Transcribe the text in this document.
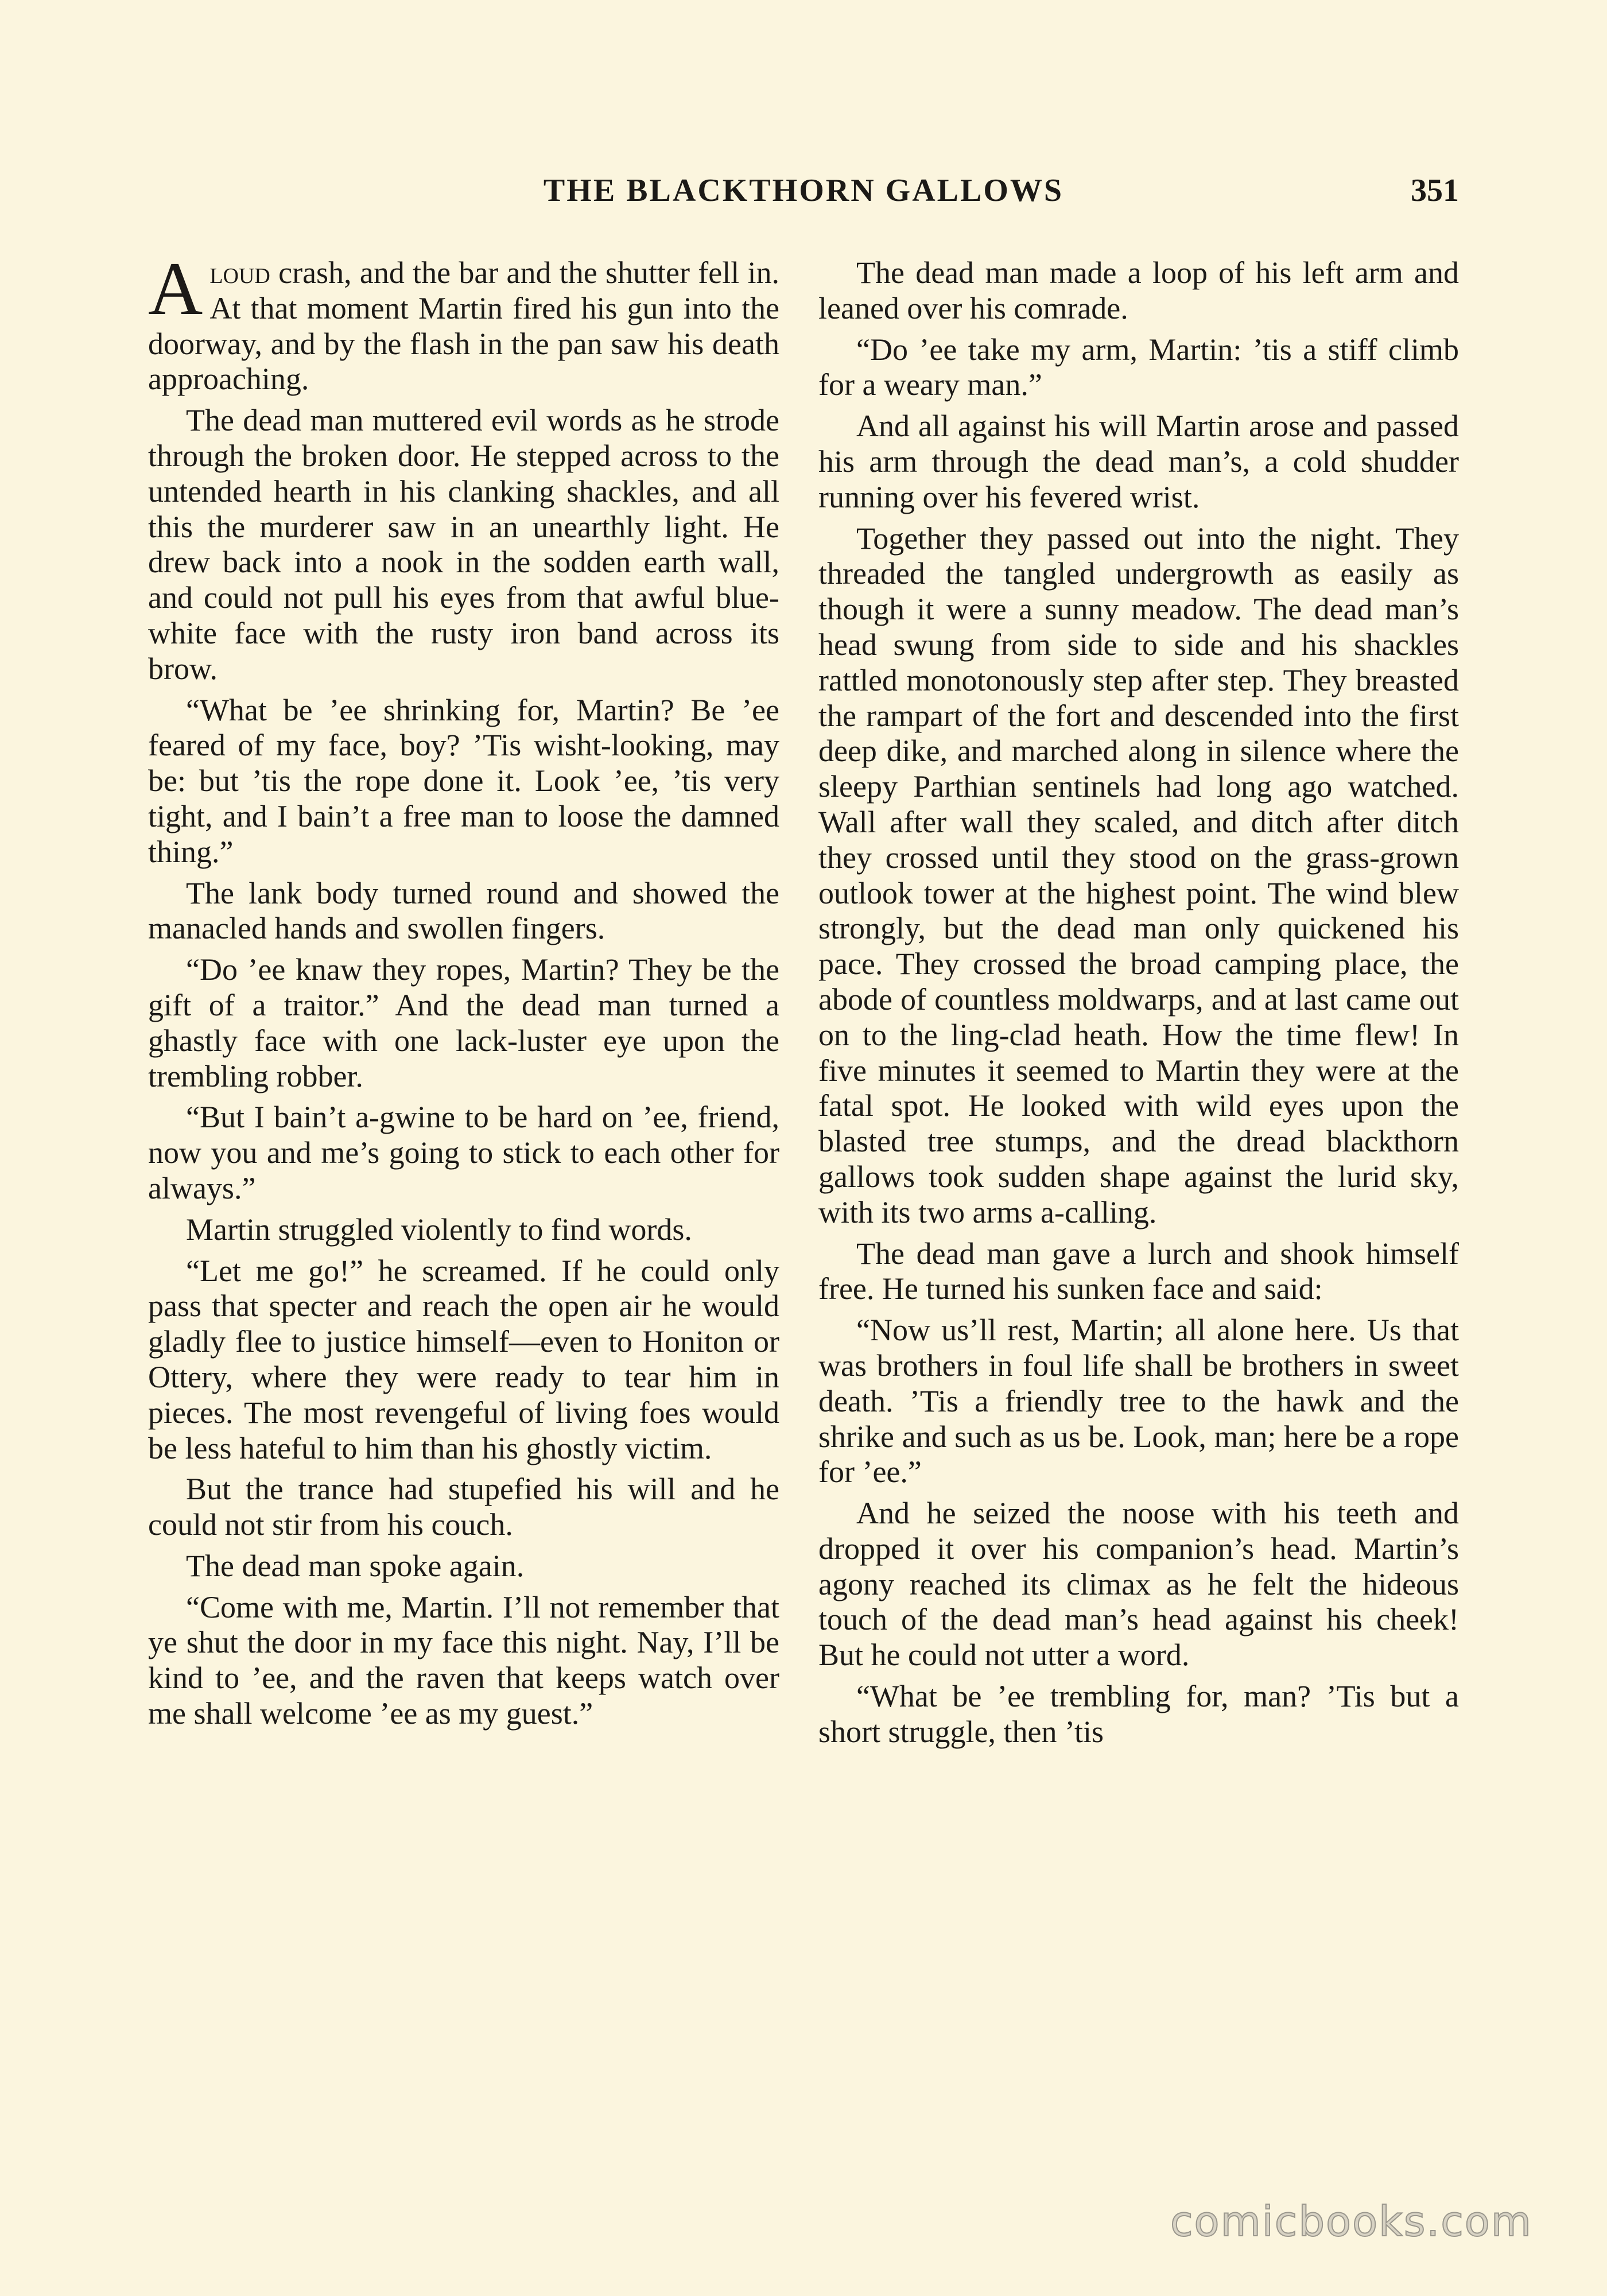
THE BLACKTHORN GALLOWS	351

Aloud crash, and the bar and the shutter fell in. At that moment Martin fired his gun into the doorway, and by the flash in the pan saw his death approaching.

The dead man muttered evil words as he strode through the broken door. He stepped across to the untended hearth in his clanking shackles, and all this the murderer saw in an unearthly light. He drew back into a nook in the sodden earth wall, and could not pull his eyes from that awful blue-white face with the rusty iron band across its brow.

“What be ’ee shrinking for, Martin? Be ’ee feared of my face, boy? ’Tis wisht-looking, may be: but ’tis the rope done it. Look ’ee, ’tis very tight, and I bain’t a free man to loose the damned thing.”

The lank body turned round and showed the manacled hands and swollen fingers.

“Do ’ee knaw they ropes, Martin? They be the gift of a traitor.” And the dead man turned a ghastly face with one lack-luster eye upon the trembling robber.

“But I bain’t a-gwine to be hard on ’ee, friend, now you and me’s going to stick to each other for always.”

Martin struggled violently to find words.

“Let me go!” he screamed. If he could only pass that specter and reach the open air he would gladly flee to justice himself—even to Honiton or Ottery, where they were ready to tear him in pieces. The most revengeful of living foes would be less hateful to him than his ghostly victim.

But the trance had stupefied his will and he could not stir from his couch.

The dead man spoke again.

“Come with me, Martin. I’ll not remember that ye shut the door in my face this night. Nay, I’ll be kind to ’ee, and the raven that keeps watch over me shall welcome ’ee as my guest.”

The dead man made a loop of his left arm and leaned over his comrade.

“Do ’ee take my arm, Martin: ’tis a stiff climb for a weary man.”

And all against his will Martin arose and passed his arm through the dead man’s, a cold shudder running over his fevered wrist.

Together they passed out into the night. They threaded the tangled undergrowth as easily as though it were a sunny meadow. The dead man’s head swung from side to side and his shackles rattled monotonously step after step. They breasted the rampart of the fort and descended into the first deep dike, and marched along in silence where the sleepy Parthian sentinels had long ago watched. Wall after wall they scaled, and ditch after ditch they crossed until they stood on the grass-grown outlook tower at the highest point. The wind blew strongly, but the dead man only quickened his pace. They crossed the broad camping place, the abode of countless moldwarps, and at last came out on to the ling-clad heath. How the time flew! In five minutes it seemed to Martin they were at the fatal spot. He looked with wild eyes upon the blasted tree stumps, and the dread blackthorn gallows took sudden shape against the lurid sky, with its two arms a-calling.

The dead man gave a lurch and shook himself free. He turned his sunken face and said:

“Now us’ll rest, Martin; all alone here. Us that was brothers in foul life shall be brothers in sweet death. ’Tis a friendly tree to the hawk and the shrike and such as us be. Look, man; here be a rope for ’ee.”

And he seized the noose with his teeth and dropped it over his companion’s head. Martin’s agony reached its climax as he felt the hideous touch of the dead man’s head against his cheek! But he could not utter a word.

“What be ’ee trembling for, man? ’Tis but a short struggle, then ’tis

comicbooks.com
